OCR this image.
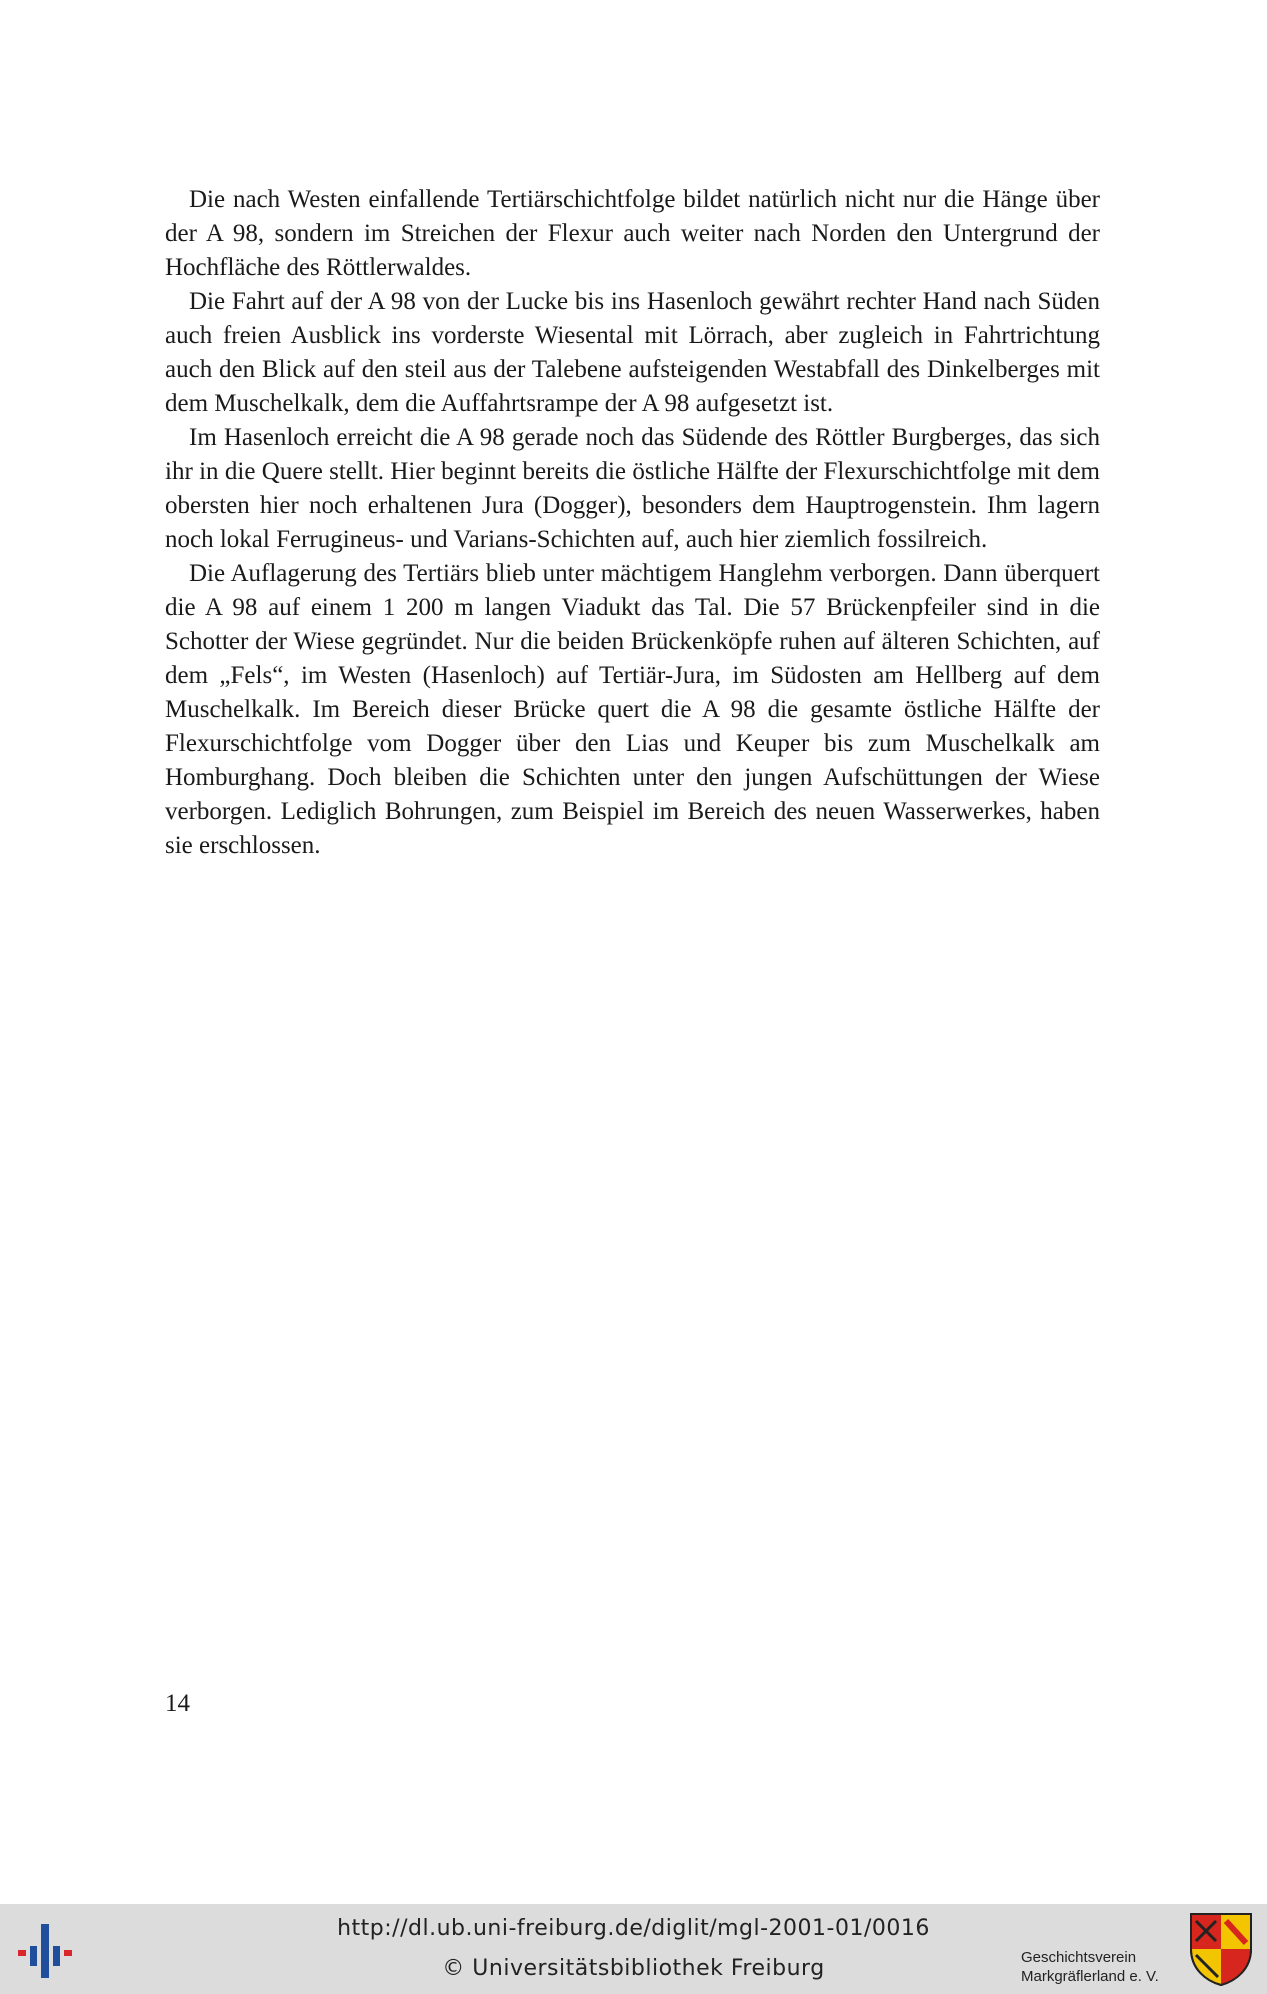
Die nach Westen einfallende Tertiärschichtfolge bildet natürlich nicht nur die Hänge über der A 98, sondern im Streichen der Flexur auch weiter nach Norden den Untergrund der Hochfläche des Röttlerwaldes.

Die Fahrt auf der A 98 von der Lucke bis ins Hasenloch gewährt rechter Hand nach Süden auch freien Ausblick ins vorderste Wiesental mit Lörrach, aber zugleich in Fahrtrichtung auch den Blick auf den steil aus der Talebene aufsteigenden Westabfall des Dinkelberges mit dem Muschelkalk, dem die Auffahrtsrampe der A 98 aufgesetzt ist.

Im Hasenloch erreicht die A 98 gerade noch das Südende des Röttler Burgberges, das sich ihr in die Quere stellt. Hier beginnt bereits die östliche Hälfte der Flexurschichtfolge mit dem obersten hier noch erhaltenen Jura (Dogger), besonders dem Hauptrogenstein. Ihm lagern noch lokal Ferrugineus- und Varians-Schichten auf, auch hier ziemlich fossilreich.

Die Auflagerung des Tertiärs blieb unter mächtigem Hanglehm verborgen. Dann überquert die A 98 auf einem 1 200 m langen Viadukt das Tal. Die 57 Brückenpfeiler sind in die Schotter der Wiese gegründet. Nur die beiden Brückenköpfe ruhen auf älteren Schichten, auf dem „Fels“, im Westen (Hasenloch) auf Tertiär-Jura, im Südosten am Hellberg auf dem Muschelkalk. Im Bereich dieser Brücke quert die A 98 die gesamte östliche Hälfte der Flexurschichtfolge vom Dogger über den Lias und Keuper bis zum Muschelkalk am Homburghang. Doch bleiben die Schichten unter den jungen Aufschüttungen der Wiese verborgen. Lediglich Bohrungen, zum Beispiel im Bereich des neuen Wasserwerkes, haben sie erschlossen.

14
http://dl.ub.uni-freiburg.de/diglit/mgl-2001-01/0016
© Universitätsbibliothek Freiburg	Geschichtsverein
Markgräflerland e. V.
